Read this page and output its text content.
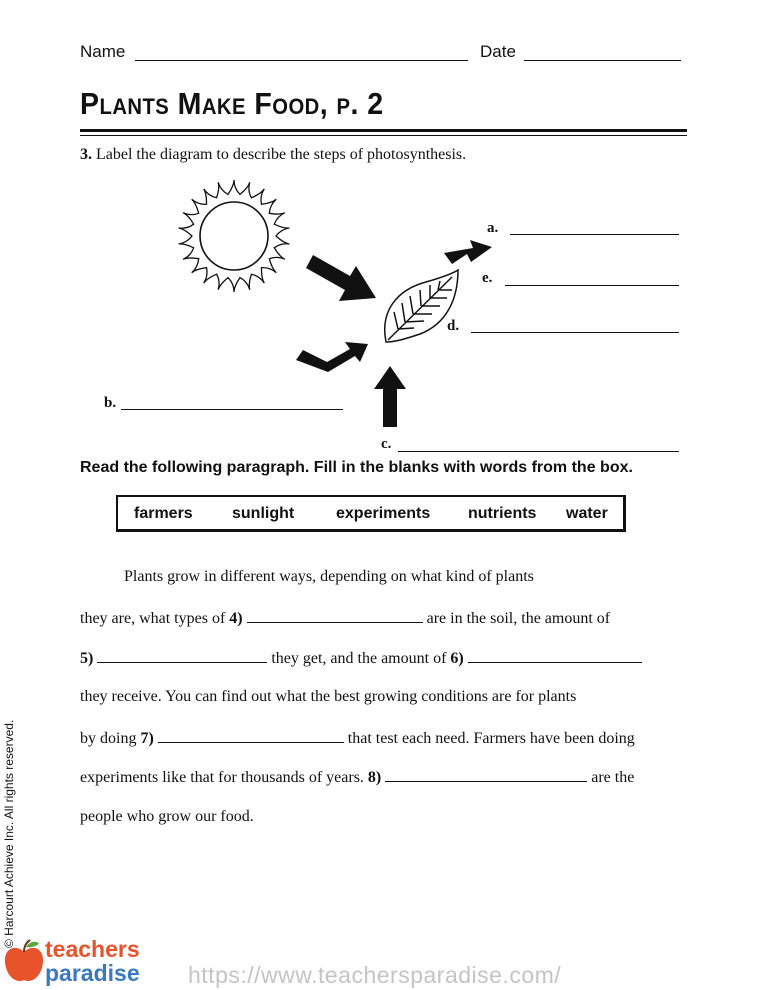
Name	Date
PLANTS MAKE FOOD, P. 2
3. Label the diagram to describe the steps of photosynthesis.
a.
e.
d.
b.
c.
Read the following paragraph. Fill in the blanks with words from the box.
farmers sunlight	experiments nutrients water
Plants grow in different ways, depending on what kind of plants
they are, what types of 4)	are in the soil, the amount of
5)	they get, and the amount of 6)
they receive. You can find out what the best growing conditions are for plants
by doing 7)	that test each need. Farmers have been doing
experiments like that for thousands of years. 8)	are the
people who grow our food.
© Harcourt Achieve Inc. All rights reserved.
teachers
paradise https://www.teachersparadise.com/
